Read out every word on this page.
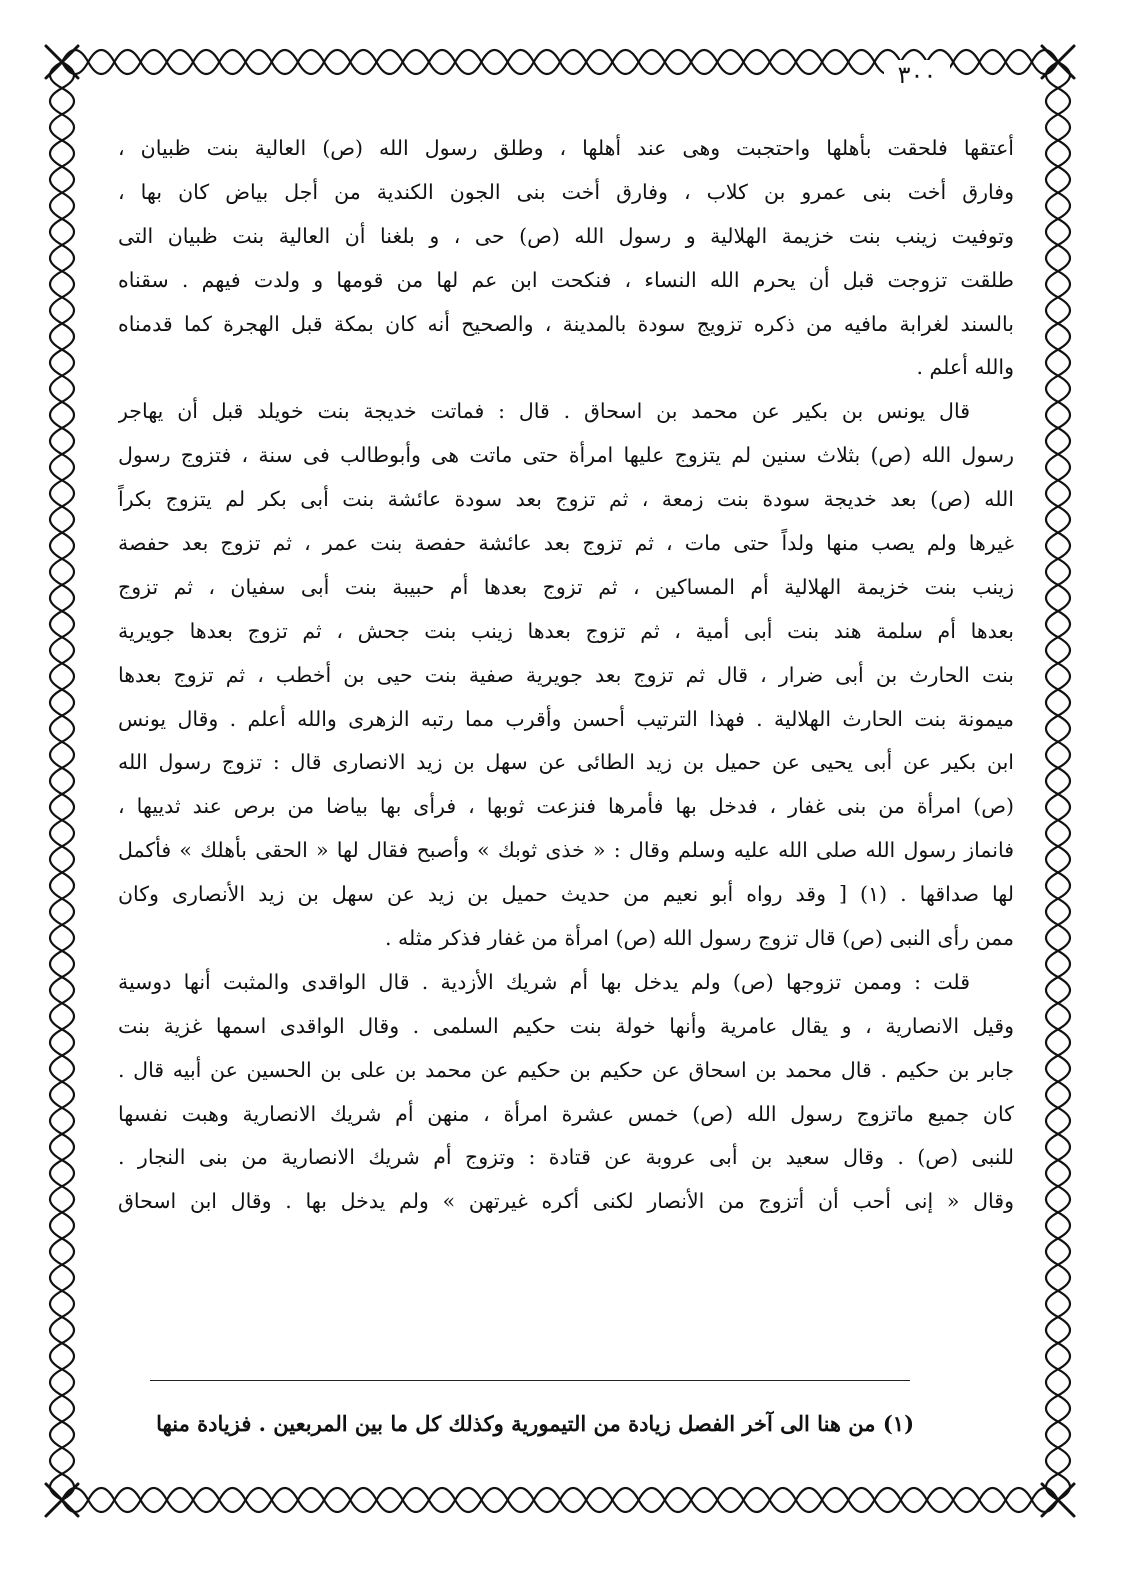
٣٠٠
أعتقها فلحقت بأهلها واحتجبت وهى عند أهلها ، وطلق رسول الله (ص) العالية بنت ظبيان ،
وفارق أخت بنى عمرو بن كلاب ، وفارق أخت بنى الجون الكندية من أجل بياض كان بها ،
وتوفيت زينب بنت خزيمة الهلالية و رسول الله (ص) حى ، و بلغنا أن العالية بنت ظبيان التى
طلقت تزوجت قبل أن يحرم الله النساء ، فنكحت ابن عم لها من قومها و ولدت فيهم . سقناه
بالسند لغرابة مافيه من ذكره تزويج سودة بالمدينة ، والصحيح أنه كان بمكة قبل الهجرة كما قدمناه
والله أعلم .
قال يونس بن بكير عن محمد بن اسحاق . قال : فماتت خديجة بنت خويلد قبل أن يهاجر
رسول الله (ص) بثلاث سنين لم يتزوج عليها امرأة حتى ماتت هى وأبوطالب فى سنة ، فتزوج رسول
الله (ص) بعد خديجة سودة بنت زمعة ، ثم تزوج بعد سودة عائشة بنت أبى بكر لم يتزوج بكراً
غيرها ولم يصب منها ولداً حتى مات ، ثم تزوج بعد عائشة حفصة بنت عمر ، ثم تزوج بعد حفصة
زينب بنت خزيمة الهلالية أم المساكين ، ثم تزوج بعدها أم حبيبة بنت أبى سفيان ، ثم تزوج
بعدها أم سلمة هند بنت أبى أمية ، ثم تزوج بعدها زينب بنت جحش ، ثم تزوج بعدها جويرية
بنت الحارث بن أبى ضرار ، قال ثم تزوج بعد جويرية صفية بنت حيى بن أخطب ، ثم تزوج بعدها
ميمونة بنت الحارث الهلالية . فهذا الترتيب أحسن وأقرب مما رتبه الزهرى والله أعلم . وقال يونس
ابن بكير عن أبى يحيى عن حميل بن زيد الطائى عن سهل بن زيد الانصارى قال : تزوج رسول الله
(ص) امرأة من بنى غفار ، فدخل بها فأمرها فنزعت ثوبها ، فرأى بها بياضا من برص عند ثدييها ،
فانماز رسول الله صلى الله عليه وسلم وقال : « خذى ثوبك » وأصبح فقال لها « الحقى بأهلك » فأكمل
لها صداقها . (١) [ وقد رواه أبو نعيم من حديث حميل بن زيد عن سهل بن زيد الأنصارى وكان
ممن رأى النبى (ص) قال تزوج رسول الله (ص) امرأة من غفار فذكر مثله .
قلت : وممن تزوجها (ص) ولم يدخل بها أم شريك الأزدية . قال الواقدى والمثبت أنها دوسية
وقيل الانصارية ، و يقال عامرية وأنها خولة بنت حكيم السلمى . وقال الواقدى اسمها غزية بنت
جابر بن حكيم . قال محمد بن اسحاق عن حكيم بن حكيم عن محمد بن على بن الحسين عن أبيه قال .
كان جميع ماتزوج رسول الله (ص) خمس عشرة امرأة ، منهن أم شريك الانصارية وهبت نفسها
للنبى (ص) . وقال سعيد بن أبى عروبة عن قتادة : وتزوج أم شريك الانصارية من بنى النجار .
وقال « إنى أحب أن أتزوج من الأنصار لكنى أكره غيرتهن » ولم يدخل بها . وقال ابن اسحاق
(١) من هنا الى آخر الفصل زيادة من التيمورية وكذلك كل ما بين المربعين . فزيادة منها
